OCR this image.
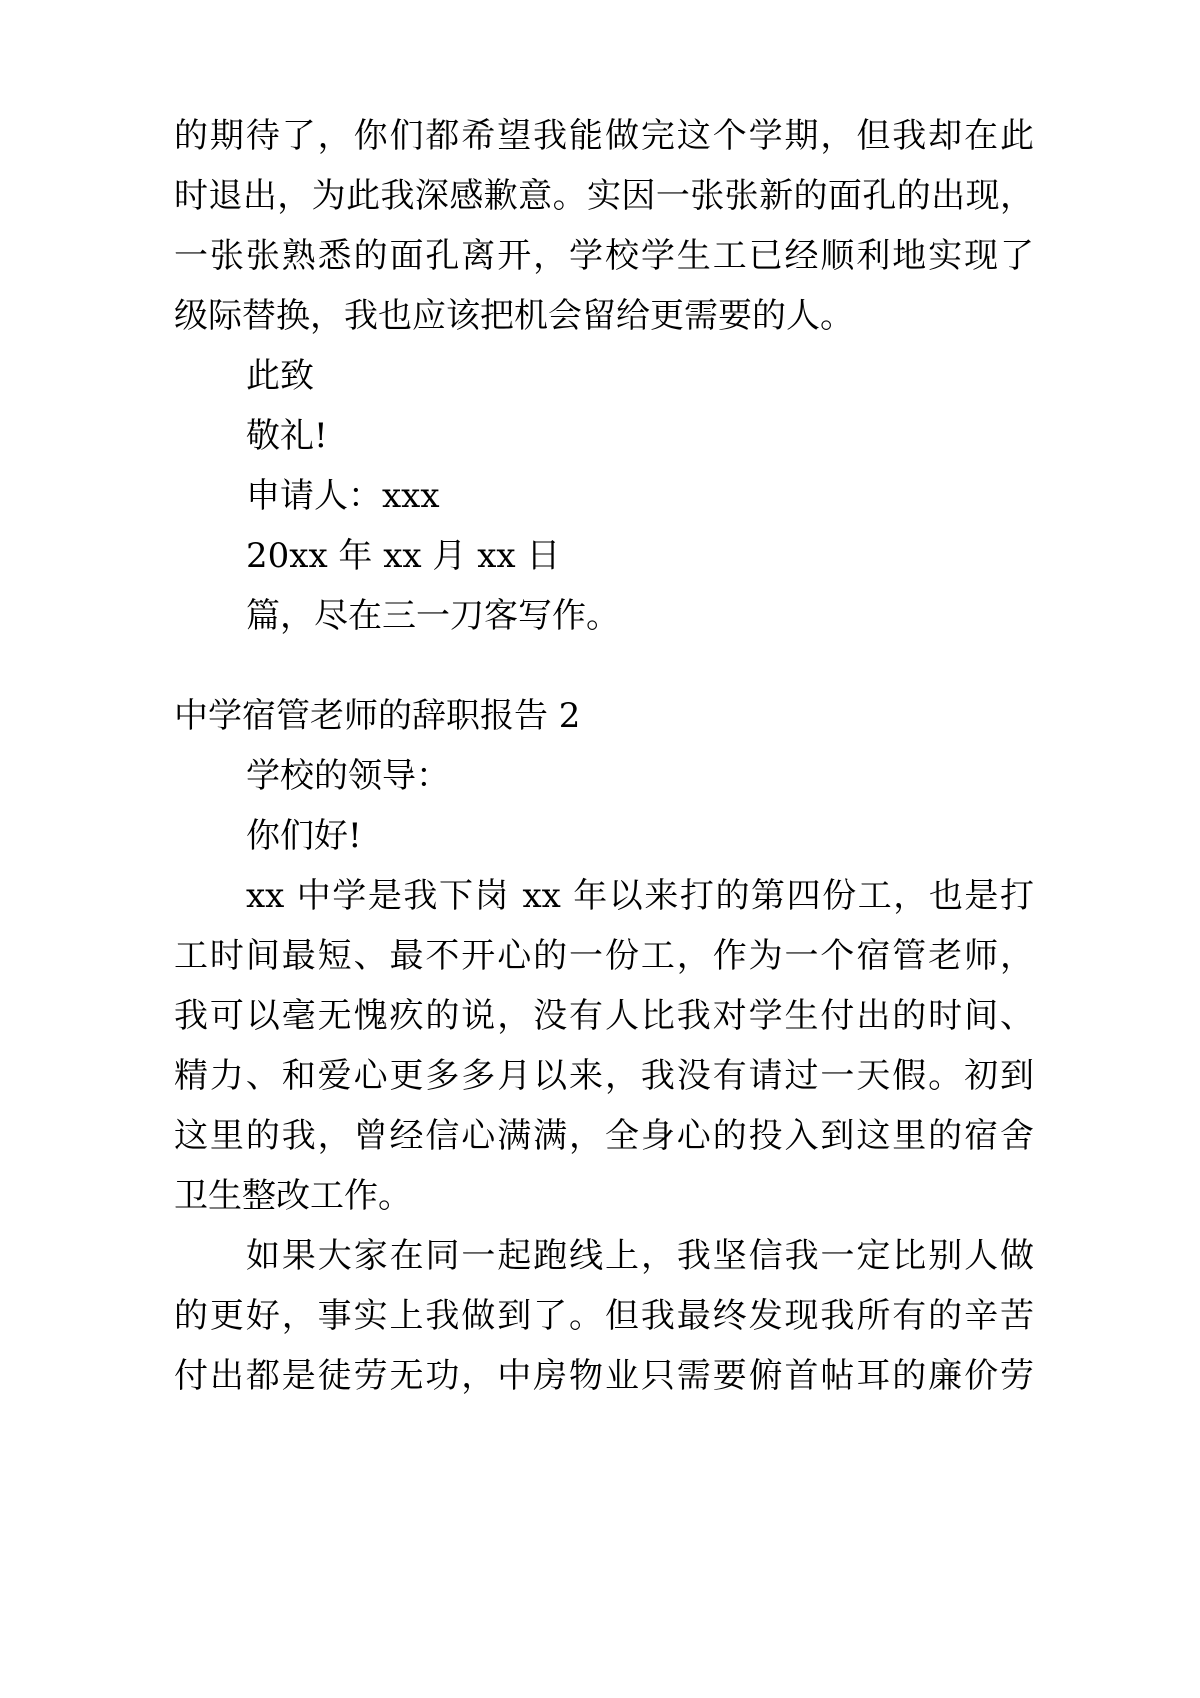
的期待了，你们都希望我能做完这个学期，但我却在此
时退出，为此我深感歉意。实因一张张新的面孔的出现，
一张张熟悉的面孔离开，学校学生工已经顺利地实现了
级际替换，我也应该把机会留给更需要的人。
此致
敬礼!
申请人：xxx
20xx 年 xx 月 xx 日
篇，尽在三一刀客写作。
中学宿管老师的辞职报告 2
学校的领导：
你们好!
xx 中学是我下岗 xx 年以来打的第四份工，也是打
工时间最短、最不开心的一份工，作为一个宿管老师，
我可以毫无愧疚的说，没有人比我对学生付出的时间、
精力、和爱心更多多月以来，我没有请过一天假。初到
这里的我，曾经信心满满，全身心的投入到这里的宿舍
卫生整改工作。
如果大家在同一起跑线上，我坚信我一定比别人做
的更好，事实上我做到了。但我最终发现我所有的辛苦
付出都是徒劳无功，中房物业只需要俯首帖耳的廉价劳
